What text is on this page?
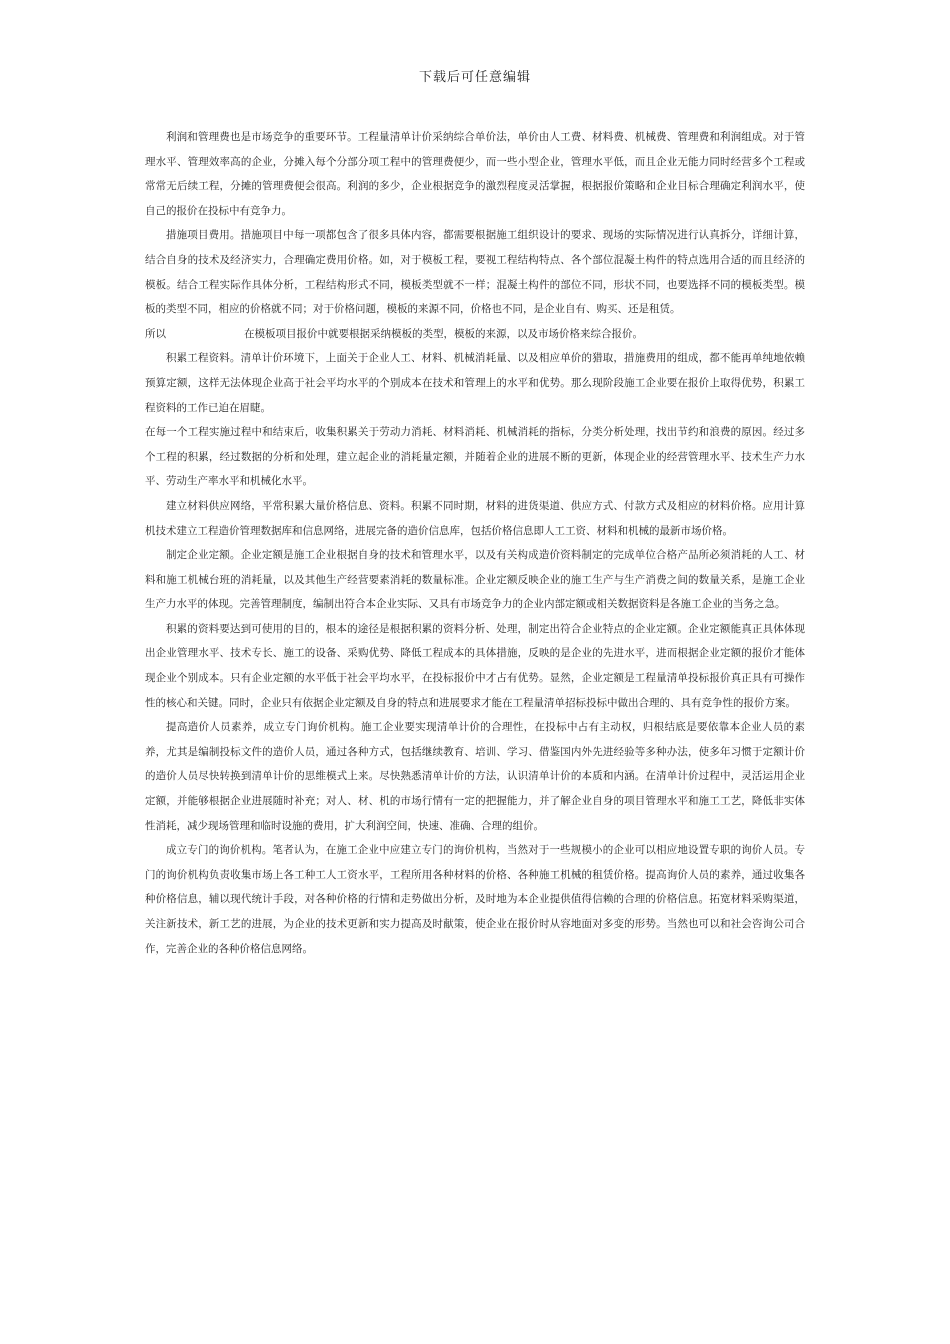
下载后可任意编辑

利润和管理费也是市场竞争的重要环节。工程量清单计价采纳综合单价法，单价由人工费、材料费、机械费、管理费和利润组成。对于管理水平、管理效率高的企业，分摊入每个分部分项工程中的管理费便少，而一些小型企业，管理水平低，而且企业无能力同时经营多个工程或常常无后续工程，分摊的管理费便会很高。利润的多少，企业根据竞争的激烈程度灵活掌握，根据报价策略和企业目标合理确定利润水平，使自己的报价在投标中有竞争力。

措施项目费用。措施项目中每一项都包含了很多具体内容，都需要根据施工组织设计的要求、现场的实际情况进行认真拆分，详细计算，结合自身的技术及经济实力，合理确定费用价格。如，对于模板工程，要视工程结构特点、各个部位混凝土构件的特点选用合适的而且经济的模板。结合工程实际作具体分析，工程结构形式不同，模板类型就不一样；混凝土构件的部位不同，形状不同，也要选择不同的模板类型。模板的类型不同，相应的价格就不同；对于价格问题，模板的来源不同，价格也不同，是企业自有、购买、还是租赁。

所以	在模板项目报价中就要根据采纳模板的类型，模板的来源，以及市场价格来综合报价。

积累工程资料。清单计价环境下，上面关于企业人工、材料、机械消耗量、以及相应单价的猎取，措施费用的组成，都不能再单纯地依赖预算定额，这样无法体现企业高于社会平均水平的个别成本在技术和管理上的水平和优势。那么现阶段施工企业要在报价上取得优势，积累工程资料的工作已迫在眉睫。

在每一个工程实施过程中和结束后，收集积累关于劳动力消耗、材料消耗、机械消耗的指标，分类分析处理，找出节约和浪费的原因。经过多个工程的积累，经过数据的分析和处理，建立起企业的消耗量定额，并随着企业的进展不断的更新，体现企业的经营管理水平、技术生产力水平、劳动生产率水平和机械化水平。

建立材料供应网络，平常积累大量价格信息、资料。积累不同时期，材料的进货渠道、供应方式、付款方式及相应的材料价格。应用计算机技术建立工程造价管理数据库和信息网络，进展完备的造价信息库，包括价格信息即人工工资、材料和机械的最新市场价格。

制定企业定额。企业定额是施工企业根据自身的技术和管理水平，以及有关构成造价资料制定的完成单位合格产品所必须消耗的人工、材料和施工机械台班的消耗量，以及其他生产经营要素消耗的数量标准。企业定额反映企业的施工生产与生产消费之间的数量关系，是施工企业生产力水平的体现。完善管理制度，编制出符合本企业实际、又具有市场竞争力的企业内部定额或相关数据资料是各施工企业的当务之急。

积累的资料要达到可使用的目的，根本的途径是根据积累的资料分析、处理，制定出符合企业特点的企业定额。企业定额能真正具体体现出企业管理水平、技术专长、施工的设备、采购优势、降低工程成本的具体措施，反映的是企业的先进水平，进而根据企业定额的报价才能体现企业个别成本。只有企业定额的水平低于社会平均水平，在投标报价中才占有优势。显然，企业定额是工程量清单投标报价真正具有可操作性的核心和关键。同时，企业只有依据企业定额及自身的特点和进展要求才能在工程量清单招标投标中做出合理的、具有竞争性的报价方案。

提高造价人员素养，成立专门询价机构。施工企业要实现清单计价的合理性，在投标中占有主动权，归根结底是要依靠本企业人员的素养，尤其是编制投标文件的造价人员，通过各种方式，包括继续教育、培训、学习、借鉴国内外先进经验等多种办法，使多年习惯于定额计价的造价人员尽快转换到清单计价的思维模式上来。尽快熟悉清单计价的方法，认识清单计价的本质和内涵。在清单计价过程中，灵活运用企业定额，并能够根据企业进展随时补充；对人、材、机的市场行情有一定的把握能力，并了解企业自身的项目管理水平和施工工艺，降低非实体性消耗，减少现场管理和临时设施的费用，扩大利润空间，快速、准确、合理的组价。

成立专门的询价机构。笔者认为，在施工企业中应建立专门的询价机构，当然对于一些规模小的企业可以相应地设置专职的询价人员。专门的询价机构负责收集市场上各工种工人工资水平，工程所用各种材料的价格、各种施工机械的租赁价格。提高询价人员的素养，通过收集各种价格信息，辅以现代统计手段，对各种价格的行情和走势做出分析，及时地为本企业提供值得信赖的合理的价格信息。拓宽材料采购渠道，关注新技术，新工艺的进展，为企业的技术更新和实力提高及时献策，使企业在报价时从容地面对多变的形势。当然也可以和社会咨询公司合作，完善企业的各种价格信息网络。
